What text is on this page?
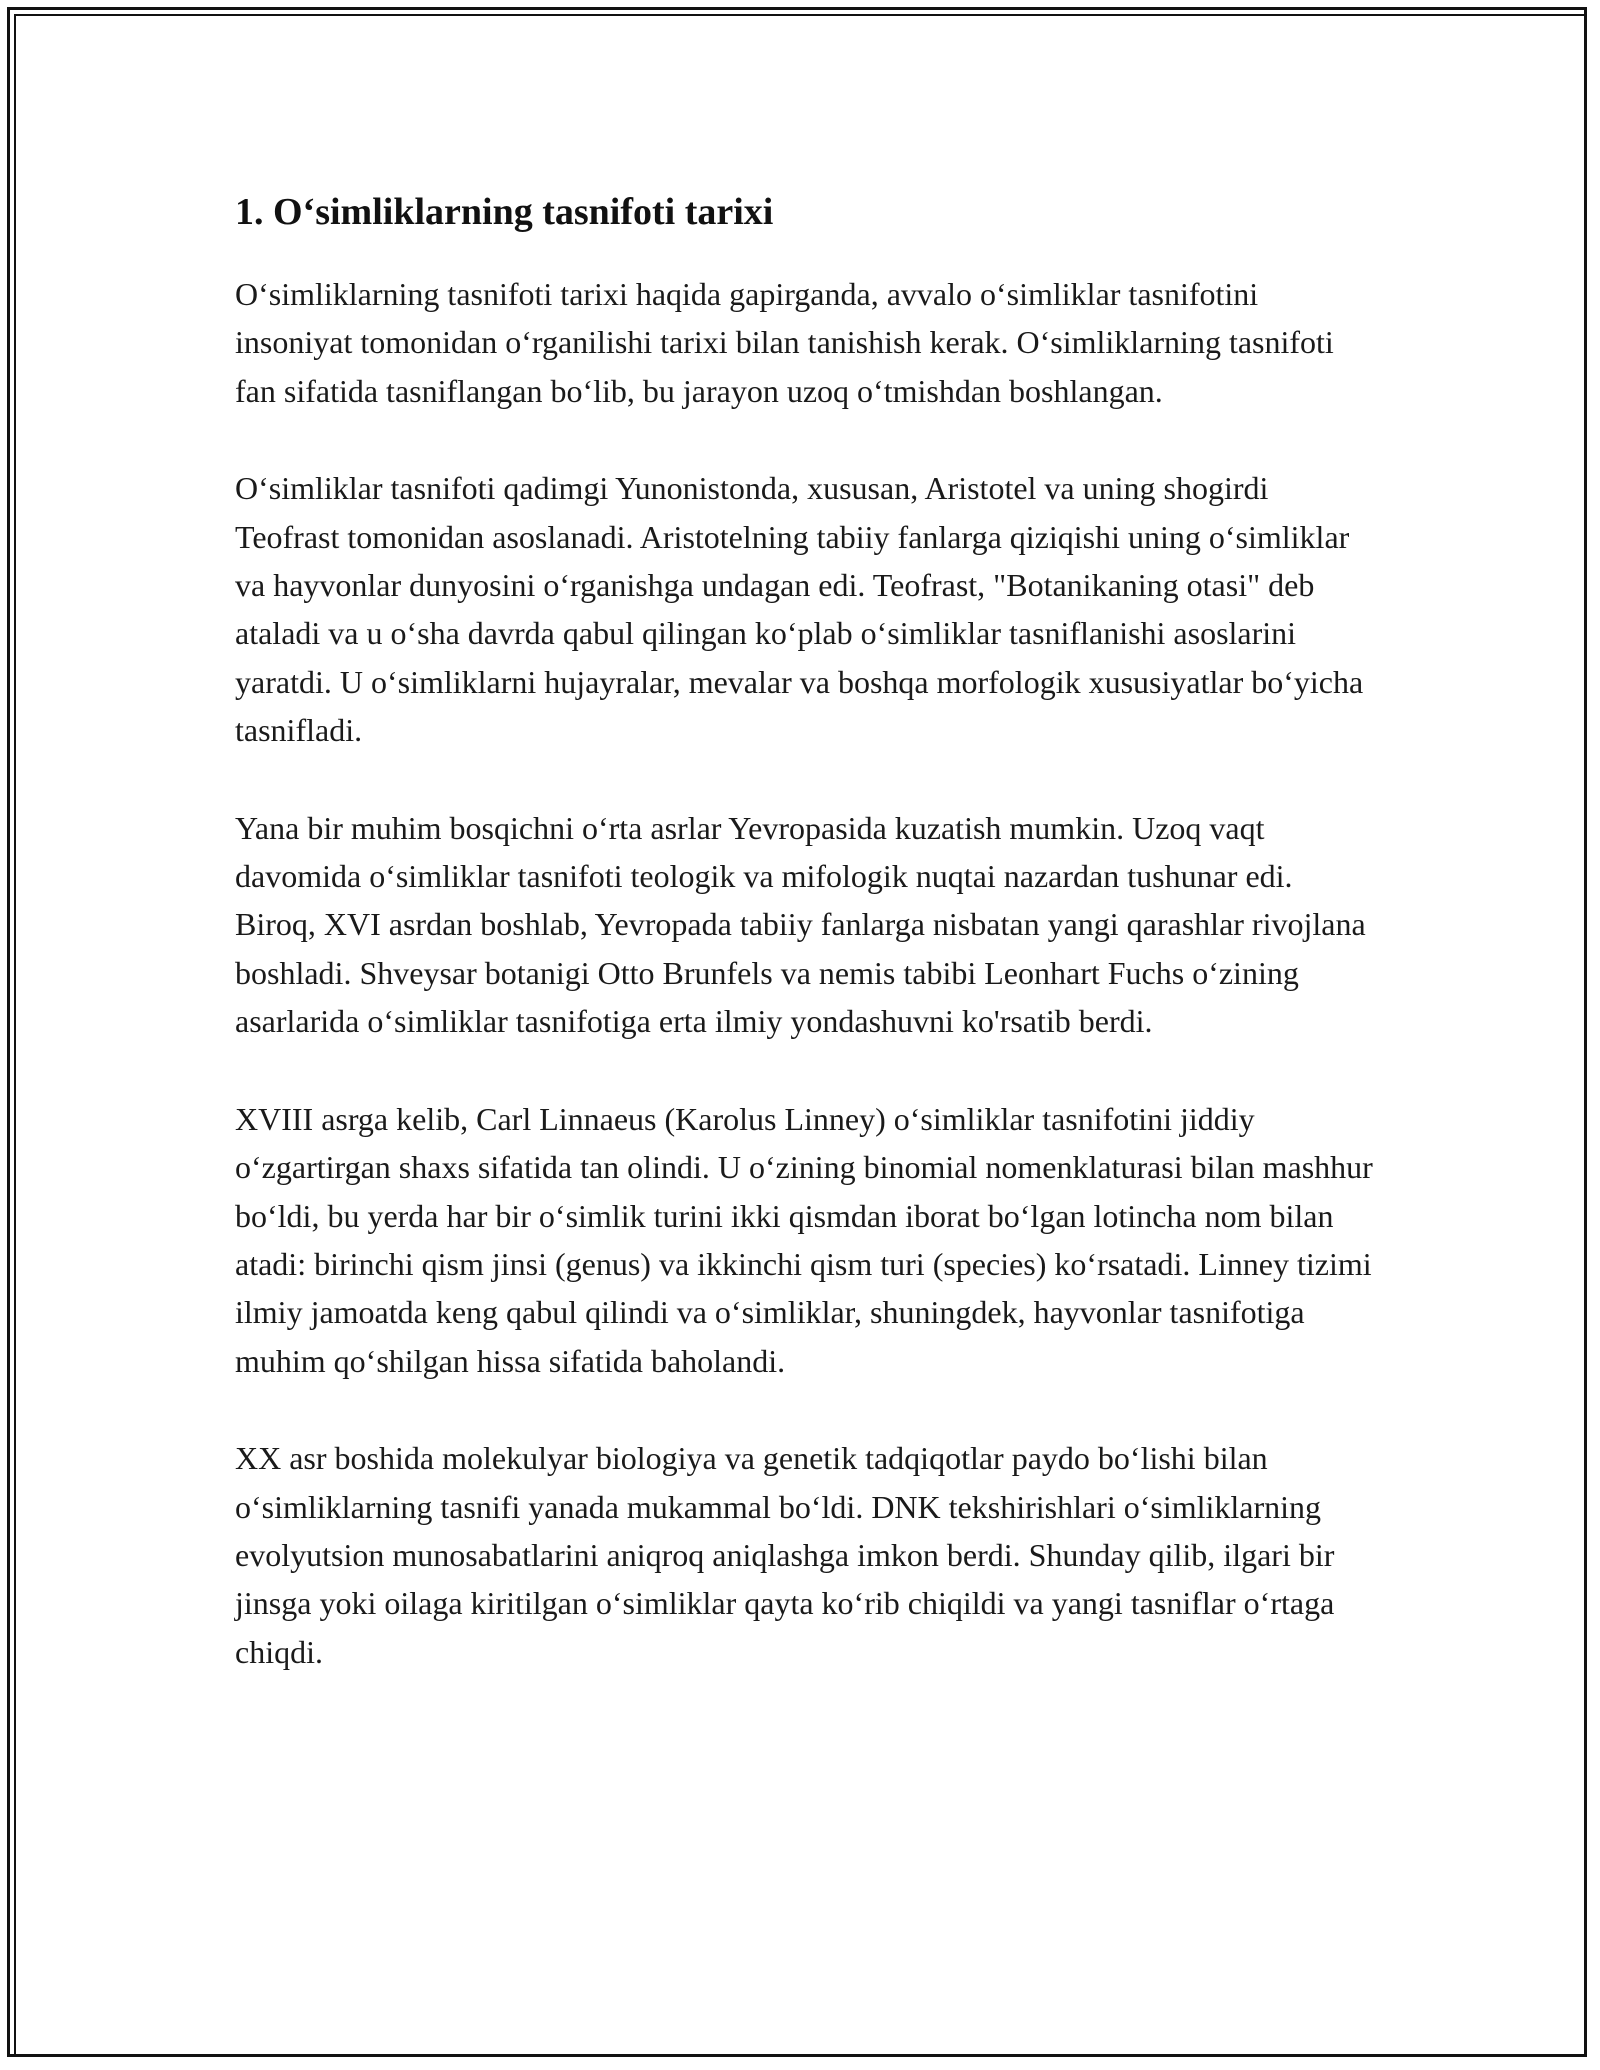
1. O‘simliklarning tasnifoti tarixi

O‘simliklarning tasnifoti tarixi haqida gapirganda, avvalo o‘simliklar tasnifotini insoniyat tomonidan o‘rganilishi tarixi bilan tanishish kerak. O‘simliklarning tasnifoti fan sifatida tasniflangan bo‘lib, bu jarayon uzoq o‘tmishdan boshlangan.

O‘simliklar tasnifoti qadimgi Yunonistonda, xususan, Aristotel va uning shogirdi Teofrast tomonidan asoslanadi. Aristotelning tabiiy fanlarga qiziqishi uning o‘simliklar va hayvonlar dunyosini o‘rganishga undagan edi. Teofrast, "Botanikaning otasi" deb ataladi va u o‘sha davrda qabul qilingan ko‘plab o‘simliklar tasniflanishi asoslarini yaratdi. U o‘simliklarni hujayralar, mevalar va boshqa morfologik xususiyatlar bo‘yicha tasnifladi.

Yana bir muhim bosqichni o‘rta asrlar Yevropasida kuzatish mumkin. Uzoq vaqt davomida o‘simliklar tasnifoti teologik va mifologik nuqtai nazardan tushunar edi. Biroq, XVI asrdan boshlab, Yevropada tabiiy fanlarga nisbatan yangi qarashlar rivojlana boshladi. Shveysar botanigi Otto Brunfels va nemis tabibi Leonhart Fuchs o‘zining asarlarida o‘simliklar tasnifotiga erta ilmiy yondashuvni ko'rsatib berdi.

XVIII asrga kelib, Carl Linnaeus (Karolus Linney) o‘simliklar tasnifotini jiddiy o‘zgartirgan shaxs sifatida tan olindi. U o‘zining binomial nomenklaturasi bilan mashhur bo‘ldi, bu yerda har bir o‘simlik turini ikki qismdan iborat bo‘lgan lotincha nom bilan atadi: birinchi qism jinsi (genus) va ikkinchi qism turi (species) ko‘rsatadi. Linney tizimi ilmiy jamoatda keng qabul qilindi va o‘simliklar, shuningdek, hayvonlar tasnifotiga muhim qo‘shilgan hissa sifatida baholandi.

XX asr boshida molekulyar biologiya va genetik tadqiqotlar paydo bo‘lishi bilan o‘simliklarning tasnifi yanada mukammal bo‘ldi. DNK tekshirishlari o‘simliklarning evolyutsion munosabatlarini aniqroq aniqlashga imkon berdi. Shunday qilib, ilgari bir jinsga yoki oilaga kiritilgan o‘simliklar qayta ko‘rib chiqildi va yangi tasniflar o‘rtaga chiqdi.
